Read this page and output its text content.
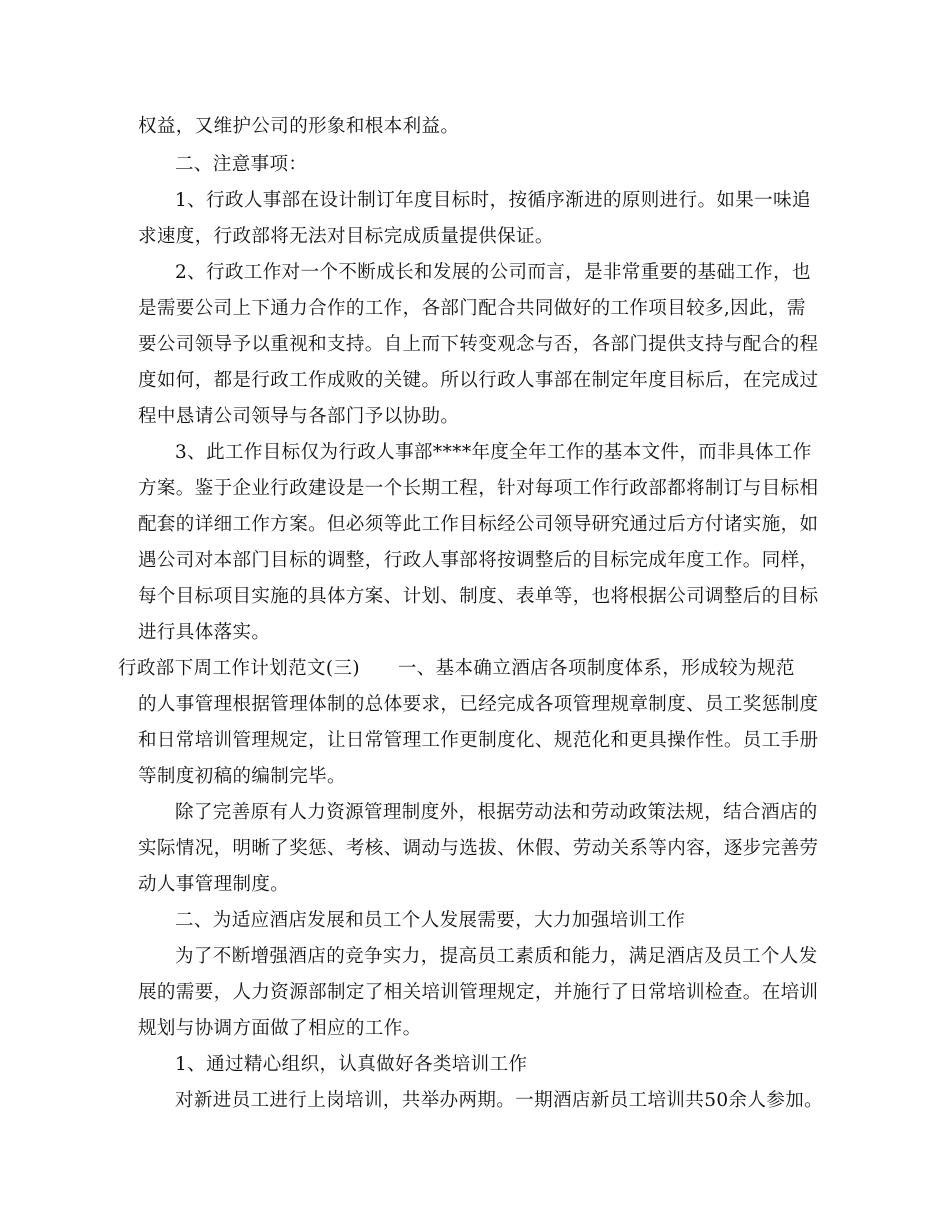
权益，又维护公司的形象和根本利益。
二、注意事项：
1、行政人事部在设计制订年度目标时，按循序渐进的原则进行。如果一味追
求速度，行政部将无法对目标完成质量提供保证。
2、行政工作对一个不断成长和发展的公司而言，是非常重要的基础工作，也
是需要公司上下通力合作的工作，各部门配合共同做好的工作项目较多,因此，需
要公司领导予以重视和支持。自上而下转变观念与否，各部门提供支持与配合的程
度如何，都是行政工作成败的关键。所以行政人事部在制定年度目标后，在完成过
程中恳请公司领导与各部门予以协助。
3、此工作目标仅为行政人事部****年度全年工作的基本文件，而非具体工作
方案。鉴于企业行政建设是一个长期工程，针对每项工作行政部都将制订与目标相
配套的详细工作方案。但必须等此工作目标经公司领导研究通过后方付诸实施，如
遇公司对本部门目标的调整，行政人事部将按调整后的目标完成年度工作。同样，
每个目标项目实施的具体方案、计划、制度、表单等，也将根据公司调整后的目标
进行具体落实。
行政部下周工作计划范文(三)　　一、基本确立酒店各项制度体系，形成较为规范
的人事管理根据管理体制的总体要求，已经完成各项管理规章制度、员工奖惩制度
和日常培训管理规定，让日常管理工作更制度化、规范化和更具操作性。员工手册
等制度初稿的编制完毕。
除了完善原有人力资源管理制度外，根据劳动法和劳动政策法规，结合酒店的
实际情况，明晰了奖惩、考核、调动与选拔、休假、劳动关系等内容，逐步完善劳
动人事管理制度。
二、为适应酒店发展和员工个人发展需要，大力加强培训工作
为了不断增强酒店的竞争实力，提高员工素质和能力，满足酒店及员工个人发
展的需要，人力资源部制定了相关培训管理规定，并施行了日常培训检查。在培训
规划与协调方面做了相应的工作。
1、通过精心组织，认真做好各类培训工作
对新进员工进行上岗培训，共举办两期。一期酒店新员工培训共50余人参加。
